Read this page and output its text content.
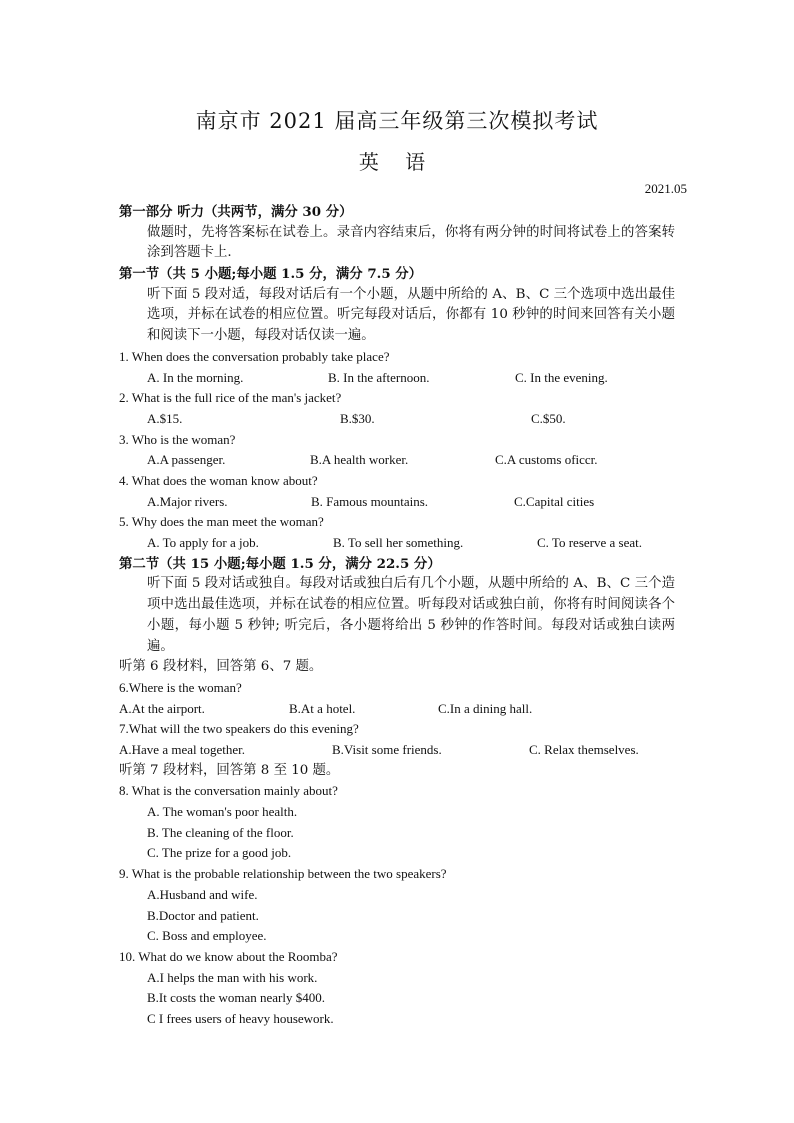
南京市 2021 届高三年级第三次模拟考试
英 语
2021.05
第一部分 听力（共两节，满分 30 分）
做题时，先将答案标在试卷上。录音内容结束后，你将有两分钟的时间将试卷上的答案转涂到答题卡上.
第一节（共 5 小题;每小题 1.5 分，满分 7.5 分）
听下面 5 段对适，每段对话后有一个小题，从题中所给的 A、B、C 三个选项中选出最佳选项，并标在试卷的相应位置。听完每段对话后，你都有 10 秒钟的时间来回答有关小题和阅读下一小题，每段对话仅读一遍。
1. When does the conversation probably take place?
A. In the morning.	B. In the afternoon.	C. In the evening.
2. What is the full rice of the man's jacket?
A.$15.	B.$30.	C.$50.
3. Who is the woman?
A.A passenger.	B.A health worker.	C.A customs oficcr.
4. What does the woman know about?
A.Major rivers.	B. Famous mountains.	C.Capital cities
5. Why does the man meet the woman?
A. To apply for a job.	B. To sell her something.	C. To reserve a seat.
第二节（共 15 小题;每小题 1.5 分，满分 22.5 分）
听下面 5 段对话或独自。每段对话或独白后有几个小题，从题中所给的 A、B、C 三个造项中选出最佳选项，并标在试卷的相应位置。听每段对话或独白前，你将有时间阅读各个小题，每小题 5 秒钟; 听完后，各小题将给出 5 秒钟的作答时间。每段对话或独白读两遍。
听第 6 段材料，回答第 6、7 题。
6.Where is the woman?
A.At the airport.	B.At a hotel.	C.In a dining hall.
7.What will the two speakers do this evening?
A.Have a meal together.	B.Visit some friends.	C. Relax themselves.
听第 7 段材料，回答第 8 至 10 题。
8. What is the conversation mainly about?
A. The woman's poor health.
B. The cleaning of the floor.
C. The prize for a good job.
9. What is the probable relationship between the two speakers?
A.Husband and wife.
B.Doctor and patient.
C. Boss and employee.
10. What do we know about the Roomba?
A.I helps the man with his work.
B.It costs the woman nearly $400.
C I frees users of heavy housework.
